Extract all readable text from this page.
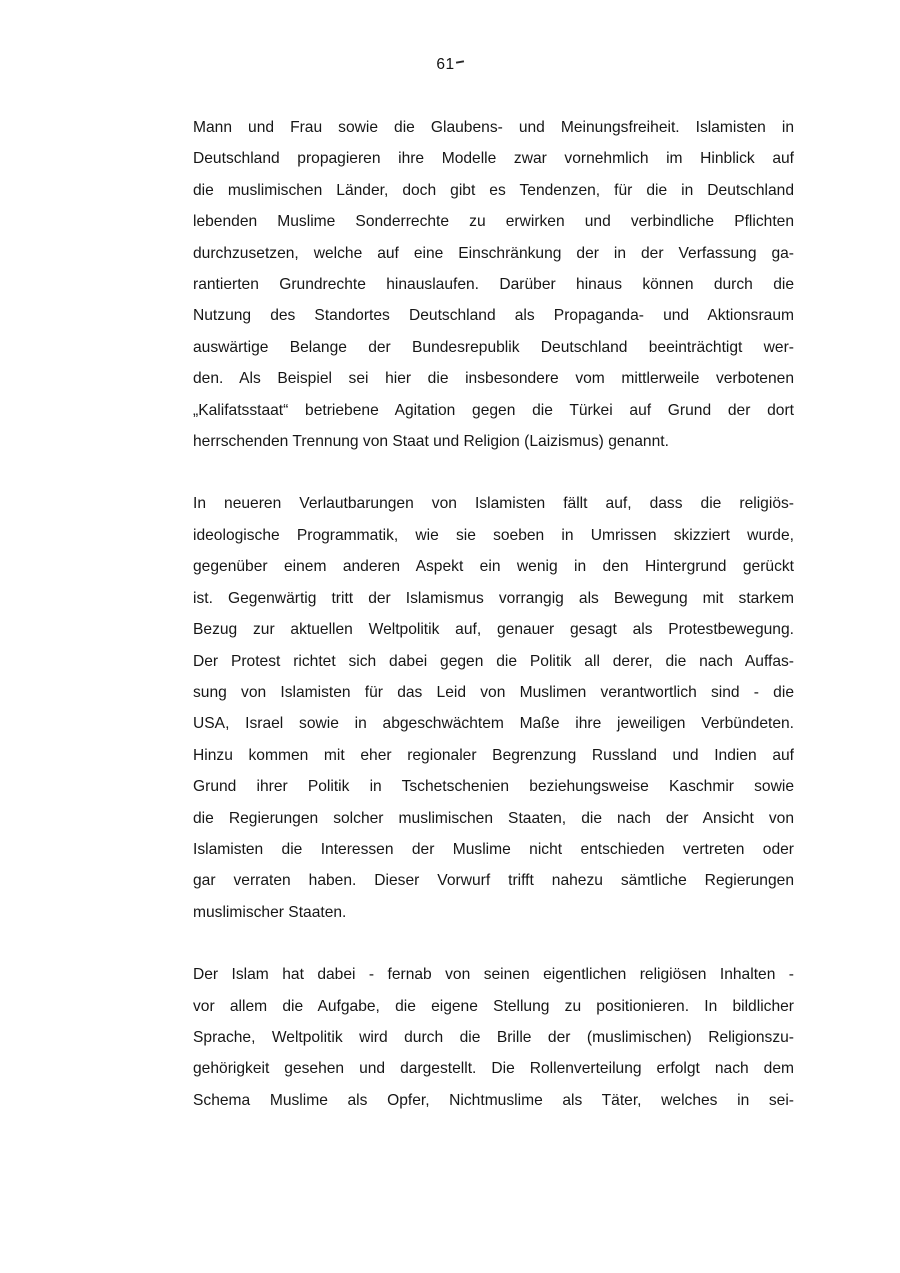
61
Mann und Frau sowie die Glaubens- und Meinungsfreiheit. Islamisten in
Deutschland propagieren ihre Modelle zwar vornehmlich im Hinblick auf
die muslimischen Länder, doch gibt es Tendenzen, für die in Deutschland
lebenden Muslime Sonderrechte zu erwirken und verbindliche Pflichten
durchzusetzen, welche auf eine Einschränkung der in der Verfassung ga-
rantierten Grundrechte hinauslaufen. Darüber hinaus können durch die
Nutzung des Standortes Deutschland als Propaganda- und Aktionsraum
auswärtige Belange der Bundesrepublik Deutschland beeinträchtigt wer-
den. Als Beispiel sei hier die insbesondere vom mittlerweile verbotenen
„Kalifatsstaat“ betriebene Agitation gegen die Türkei auf Grund der dort
herrschenden Trennung von Staat und Religion (Laizismus) genannt.
In neueren Verlautbarungen von Islamisten fällt auf, dass die religiös-
ideologische Programmatik, wie sie soeben in Umrissen skizziert wurde,
gegenüber einem anderen Aspekt ein wenig in den Hintergrund gerückt
ist. Gegenwärtig tritt der Islamismus vorrangig als Bewegung mit starkem
Bezug zur aktuellen Weltpolitik auf, genauer gesagt als Protestbewegung.
Der Protest richtet sich dabei gegen die Politik all derer, die nach Auffas-
sung von Islamisten für das Leid von Muslimen verantwortlich sind - die
USA, Israel sowie in abgeschwächtem Maße ihre jeweiligen Verbündeten.
Hinzu kommen mit eher regionaler Begrenzung Russland und Indien auf
Grund ihrer Politik in Tschetschenien beziehungsweise Kaschmir sowie
die Regierungen solcher muslimischen Staaten, die nach der Ansicht von
Islamisten die Interessen der Muslime nicht entschieden vertreten oder
gar verraten haben. Dieser Vorwurf trifft nahezu sämtliche Regierungen
muslimischer Staaten.
Der Islam hat dabei - fernab von seinen eigentlichen religiösen Inhalten -
vor allem die Aufgabe, die eigene Stellung zu positionieren. In bildlicher
Sprache, Weltpolitik wird durch die Brille der (muslimischen) Religionszu-
gehörigkeit gesehen und dargestellt. Die Rollenverteilung erfolgt nach dem
Schema Muslime als Opfer, Nichtmuslime als Täter, welches in sei-
